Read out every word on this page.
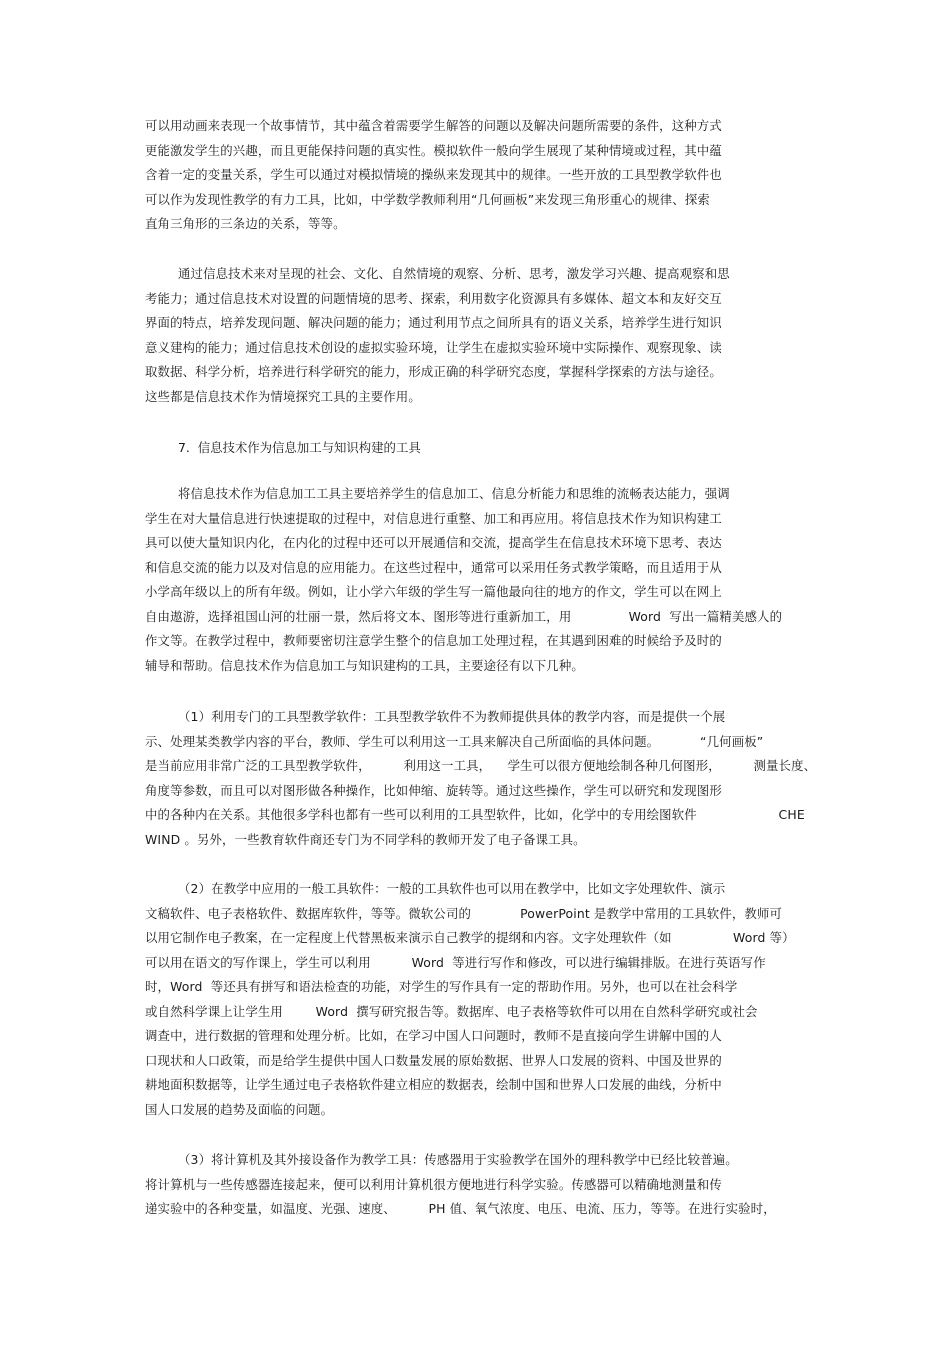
可以用动画来表现一个故事情节，其中蕴含着需要学生解答的问题以及解决问题所需要的条件，这种方式
更能激发学生的兴趣，而且更能保持问题的真实性。模拟软件一般向学生展现了某种情境或过程，其中蕴
含着一定的变量关系，学生可以通过对模拟情境的操纵来发现其中的规律。一些开放的工具型教学软件也
可以作为发现性教学的有力工具，比如，中学数学教师利用“几何画板”来发现三角形重心的规律、探索
直角三角形的三条边的关系，等等。
通过信息技术来对呈现的社会、文化、自然情境的观察、分析、思考，激发学习兴趣、提高观察和思
考能力；通过信息技术对设置的问题情境的思考、探索，利用数字化资源具有多媒体、超文本和友好交互
界面的特点，培养发现问题、解决问题的能力；通过利用节点之间所具有的语义关系，培养学生进行知识
意义建构的能力；通过信息技术创设的虚拟实验环境，让学生在虚拟实验环境中实际操作、观察现象、读
取数据、科学分析，培养进行科学研究的能力，形成正确的科学研究态度，掌握科学探索的方法与途径。
这些都是信息技术作为情境探究工具的主要作用。
7.  信息技术作为信息加工与知识构建的工具
将信息技术作为信息加工工具主要培养学生的信息加工、信息分析能力和思维的流畅表达能力，强调
学生在对大量信息进行快速提取的过程中，对信息进行重整、加工和再应用。将信息技术作为知识构建工
具可以使大量知识内化，在内化的过程中还可以开展通信和交流，提高学生在信息技术环境下思考、表达
和信息交流的能力以及对信息的应用能力。在这些过程中，通常可以采用任务式教学策略，而且适用于从
小学高年级以上的所有年级。例如，让小学六年级的学生写一篇他最向往的地方的作文，学生可以在网上
自由遨游，选择祖国山河的壮丽一景，然后将文本、图形等进行重新加工，用              Word  写出一篇精美感人的
作文等。在教学过程中，教师要密切注意学生整个的信息加工处理过程，在其遇到困难的时候给予及时的
辅导和帮助。信息技术作为信息加工与知识建构的工具，主要途径有以下几种。
（1）利用专门的工具型教学软件：工具型教学软件不为教师提供具体的教学内容，而是提供一个展
示、处理某类教学内容的平台，教师、学生可以利用这一工具来解决自己所面临的具体问题。          “几何画板”
是当前应用非常广泛的工具型教学软件，        利用这一工具，    学生可以很方便地绘制各种几何图形，        测量长度、
角度等参数，而且可以对图形做各种操作，比如伸缩、旋转等。通过这些操作，学生可以研究和发现图形
中的各种内在关系。其他很多学科也都有一些可以利用的工具型软件，比如，化学中的专用绘图软件                    CHE
WIND 。另外，一些教育软件商还专门为不同学科的教师开发了电子备课工具。
（2）在教学中应用的一般工具软件：一般的工具软件也可以用在教学中，比如文字处理软件、演示
文稿软件、电子表格软件、数据库软件，等等。微软公司的            PowerPoint 是教学中常用的工具软件，教师可
以用它制作电子教案，在一定程度上代替黑板来演示自己教学的提纲和内容。文字处理软件（如               Word 等）
可以用在语文的写作课上，学生可以利用          Word  等进行写作和修改，可以进行编辑排版。在进行英语写作
时，Word  等还具有拼写和语法检查的功能，对学生的写作具有一定的帮助作用。另外，也可以在社会科学
或自然科学课上让学生用        Word  撰写研究报告等。数据库、电子表格等软件可以用在自然科学研究或社会
调查中，进行数据的管理和处理分析。比如，在学习中国人口问题时，教师不是直接向学生讲解中国的人
口现状和人口政策，而是给学生提供中国人口数量发展的原始数据、世界人口发展的资料、中国及世界的
耕地面积数据等，让学生通过电子表格软件建立相应的数据表，绘制中国和世界人口发展的曲线，分析中
国人口发展的趋势及面临的问题。
（3）将计算机及其外接设备作为教学工具：传感器用于实验教学在国外的理科教学中已经比较普遍。
将计算机与一些传感器连接起来，便可以利用计算机很方便地进行科学实验。传感器可以精确地测量和传
递实验中的各种变量，如温度、光强、速度、        PH 值、氧气浓度、电压、电流、压力，等等。在进行实验时，
